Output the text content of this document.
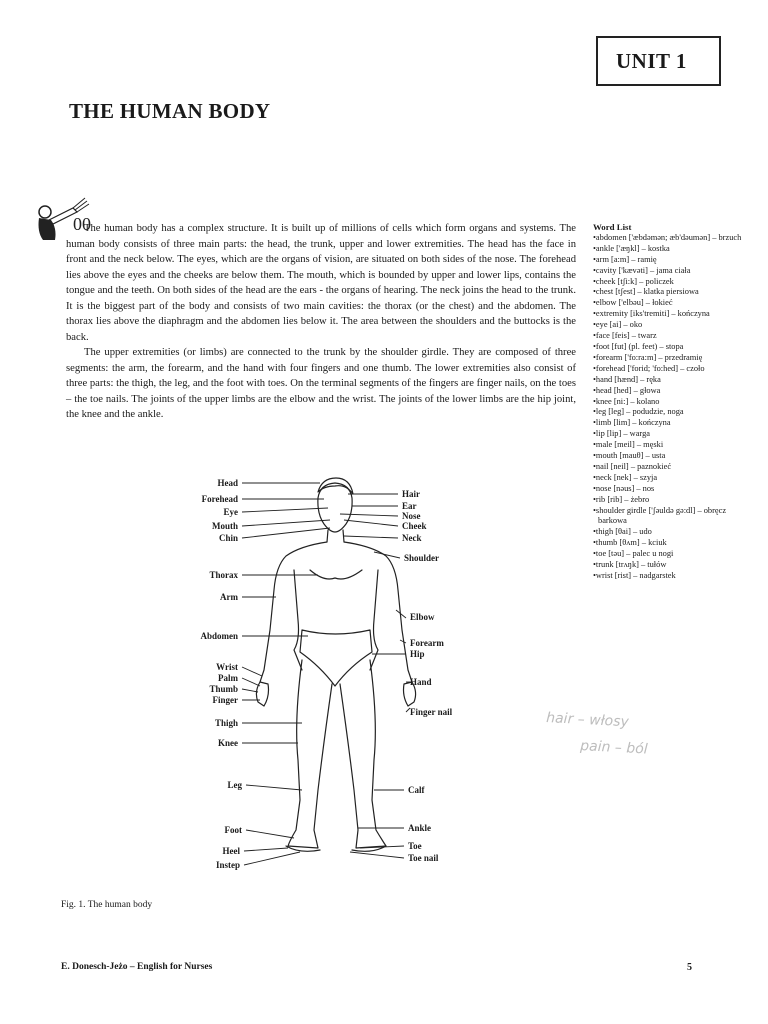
UNIT 1
THE HUMAN BODY
00

The human body has a complex structure. It is built up of millions of cells which form organs and systems. The human body consists of three main parts: the head, the trunk, upper and lower extremities. The head has the face in front and the neck below. The eyes, which are the organs of vision, are situated on both sides of the nose. The forehead lies above the eyes and the cheeks are below them. The mouth, which is bounded by upper and lower lips, contains the tongue and the teeth. On both sides of the head are the ears - the organs of hearing. The neck joins the head to the trunk. It is the biggest part of the body and consists of two main cavities: the thorax (or the chest) and the abdomen. The thorax lies above the diaphragm and the abdomen lies below it. The area between the shoulders and the buttocks is the back.

The upper extremities (or limbs) are connected to the trunk by the shoulder girdle. They are composed of three segments: the arm, the forearm, and the hand with four fingers and one thumb. The lower extremities also consist of three parts: the thigh, the leg, and the foot with toes. On the terminal segments of the fingers are finger nails, on the toes – the toe nails. The joints of the upper limbs are the elbow and the wrist. The joints of the lower limbs are the hip joint, the knee and the ankle.

Word List
•abdomen ['æbdəmən; æb'dəumən] – brzuch
•ankle ['æŋkl] – kostka
•arm [a:m] – ramię
•cavity ['kævəti] – jama ciała
•cheek [tʃi:k] – policzek
•chest [tʃest] – klatka piersiowa
•elbow ['elbəu] – łokieć
•extremity [iks'tremiti] – kończyna
•eye [ai] – oko
•face [feis] – twarz
•foot [fut] (pl. feet) – stopa
•forearm ['fo:ra:m] – przedramię
•forehead ['forid; 'fo:hed] – czoło
•hand [hænd] – ręka
•head [hed] – głowa
•knee [ni:] – kolano
•leg [leg] – podudzie, noga
•limb [lim] – kończyna
•lip [lip] – warga
•male [meil] – męski
•mouth [mauθ] – usta
•nail [neil] – paznokieć
•neck [nek] – szyja
•nose [nəus] – nos
•rib [rib] – żebro
•shoulder girdle ['ʃəuldə gə:dl] – obręcz barkowa
•thigh [θai] – udo
•thumb [θʌm] – kciuk
•toe [təu] – palec u nogi
•trunk [trʌŋk] – tułów
•wrist [rist] – nadgarstek
Head
Forehead
Eye
Mouth
Chin
Thorax
Arm
Abdomen
Wrist
Palm
Thumb
Finger
Thigh
Knee
Leg
Foot
Heel
Instep
Hair
Ear
Nose
Cheek
Neck
Shoulder
Elbow
Forearm
Hip
Hand
Finger nail
Calf
Ankle
Toe
Toe nail
hair – włosy
pain – ból
Fig. 1. The human body
E. Donesch-Jeżo – English for Nurses	5
